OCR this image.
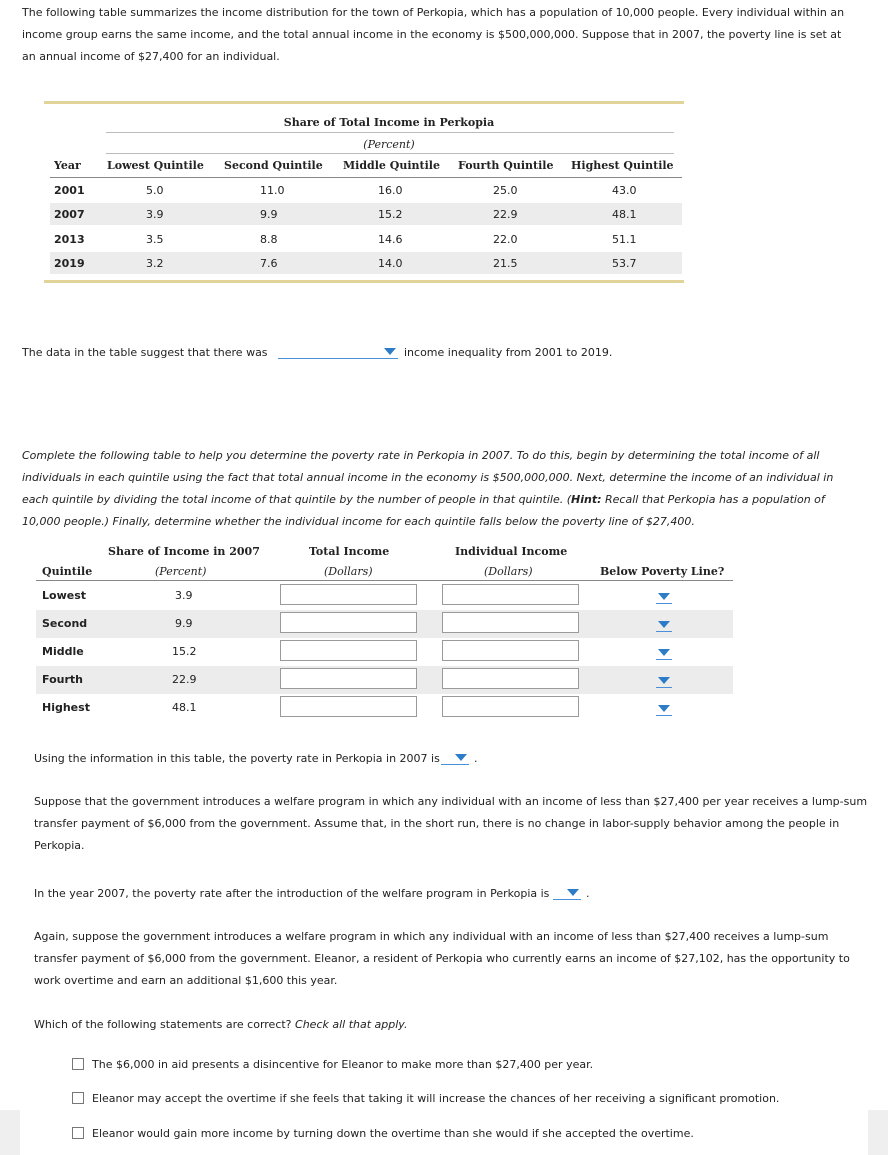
The following table summarizes the income distribution for the town of Perkopia, which has a population of 10,000 people. Every individual within an
income group earns the same income, and the total annual income in the economy is $500,000,000. Suppose that in 2007, the poverty line is set at
an annual income of $27,400 for an individual.
Share of Total Income in Perkopia
(Percent)
Year Lowest Quintile Second Quintile Middle Quintile Fourth Quintile Highest Quintile
2001	5.0	11.0	16.0	25.0	43.0
2007	3.9	9.9	15.2	22.9	48.1
2013	3.5	8.8	14.6	22.0	51.1
2019	3.2	7.6	14.0	21.5	53.7
The data in the table suggest that there was	income inequality from 2001 to 2019.
Complete the following table to help you determine the poverty rate in Perkopia in 2007. To do this, begin by determining the total income of all
individuals in each quintile using the fact that total annual income in the economy is $500,000,000. Next, determine the income of an individual in
each quintile by dividing the total income of that quintile by the number of people in that quintile. (Hint: Recall that Perkopia has a population of
10,000 people.) Finally, determine whether the individual income for each quintile falls below the poverty line of $27,400.
Share of Income in 2007	Total Income	Individual Income
Quintile	(Percent)	(Dollars)	(Dollars)	Below Poverty Line?
Lowest	3.9
Second	9.9
Middle	15.2
Fourth	22.9
Highest	48.1
Using the information in this table, the poverty rate in Perkopia in 2007 is	.
Suppose that the government introduces a welfare program in which any individual with an income of less than $27,400 per year receives a lump-sum
transfer payment of $6,000 from the government. Assume that, in the short run, there is no change in labor-supply behavior among the people in
Perkopia.
In the year 2007, the poverty rate after the introduction of the welfare program in Perkopia is	.
Again, suppose the government introduces a welfare program in which any individual with an income of less than $27,400 receives a lump-sum
transfer payment of $6,000 from the government. Eleanor, a resident of Perkopia who currently earns an income of $27,102, has the opportunity to
work overtime and earn an additional $1,600 this year.
Which of the following statements are correct? Check all that apply.
The $6,000 in aid presents a disincentive for Eleanor to make more than $27,400 per year.
Eleanor may accept the overtime if she feels that taking it will increase the chances of her receiving a significant promotion.
Eleanor would gain more income by turning down the overtime than she would if she accepted the overtime.
